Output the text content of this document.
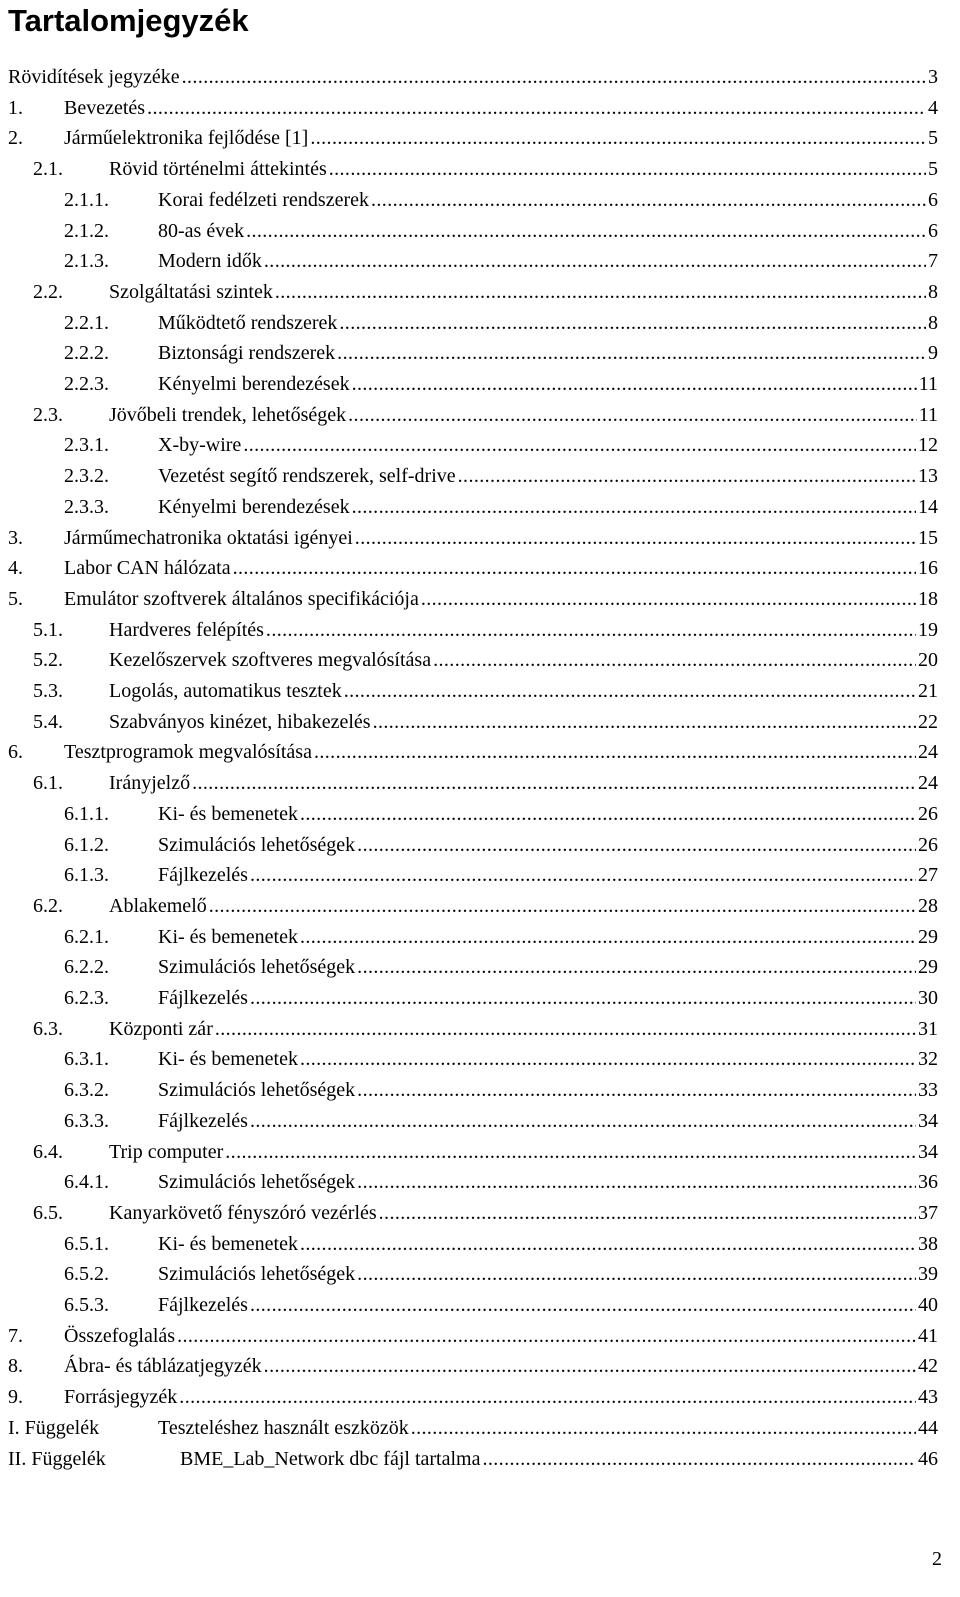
Tartalomjegyzék
Rövidítések jegyzéke .....	3
1.	Bevezetés .....	4
2.	Járműelektronika fejlődése [1] .....	5
2.1.	Rövid történelmi áttekintés .....	5
2.1.1.	Korai fedélzeti rendszerek .....	6
2.1.2.	80-as évek .....	6
2.1.3.	Modern idők .....	7
2.2.	Szolgáltatási szintek .....	8
2.2.1.	Működtető rendszerek .....	8
2.2.2.	Biztonsági rendszerek .....	9
2.2.3.	Kényelmi berendezések .....	11
2.3.	Jövőbeli trendek, lehetőségek .....	11
2.3.1.	X-by-wire .....	12
2.3.2.	Vezetést segítő rendszerek, self-drive .....	13
2.3.3.	Kényelmi berendezések .....	14
3.	Járműmechatronika oktatási igényei .....	15
4.	Labor CAN hálózata .....	16
5.	Emulátor szoftverek általános specifikációja .....	18
5.1.	Hardveres felépítés .....	19
5.2.	Kezelőszervek szoftveres megvalósítása .....	20
5.3.	Logolás, automatikus tesztek .....	21
5.4.	Szabványos kinézet, hibakezelés .....	22
6.	Tesztprogramok megvalósítása .....	24
6.1.	Irányjelző .....	24
6.1.1.	Ki- és bemenetek .....	26
6.1.2.	Szimulációs lehetőségek .....	26
6.1.3.	Fájlkezelés .....	27
6.2.	Ablakemelő .....	28
6.2.1.	Ki- és bemenetek .....	29
6.2.2.	Szimulációs lehetőségek .....	29
6.2.3.	Fájlkezelés .....	30
6.3.	Központi zár .....	31
6.3.1.	Ki- és bemenetek .....	32
6.3.2.	Szimulációs lehetőségek .....	33
6.3.3.	Fájlkezelés .....	34
6.4.	Trip computer .....	34
6.4.1.	Szimulációs lehetőségek .....	36
6.5.	Kanyarkövető fényszóró vezérlés .....	37
6.5.1.	Ki- és bemenetek .....	38
6.5.2.	Szimulációs lehetőségek .....	39
6.5.3.	Fájlkezelés .....	40
7.	Összefoglalás .....	41
8.	Ábra- és táblázatjegyzék .....	42
9.	Forrásjegyzék .....	43
I. Függelék	Teszteléshez használt eszközök .....	44
II. Függelék	BME_Lab_Network dbc fájl tartalma .....	46
2
